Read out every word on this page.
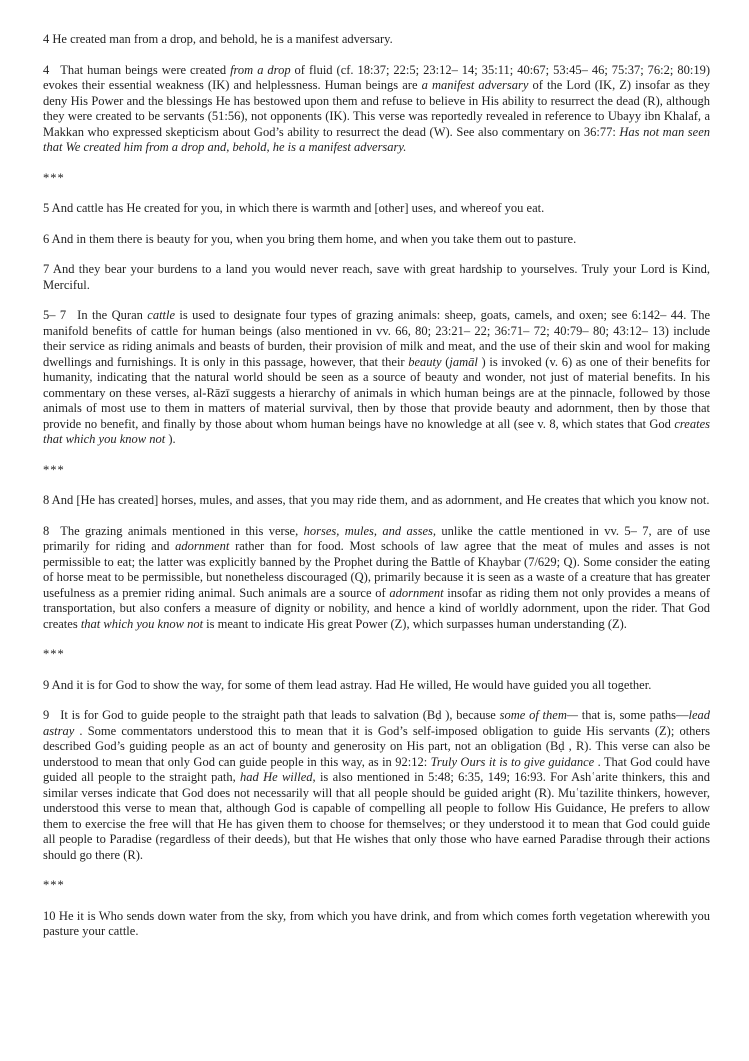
4 He created man from a drop, and behold, he is a manifest adversary.

4 That human beings were created from a drop of fluid (cf. 18:37; 22:5; 23:12– 14; 35:11; 40:67; 53:45– 46; 75:37; 76:2; 80:19) evokes their essential weakness (IK) and helplessness. Human beings are a manifest adversary of the Lord (IK, Z) insofar as they deny His Power and the blessings He has bestowed upon them and refuse to believe in His ability to resurrect the dead (R), although they were created to be servants (51:56), not opponents (IK). This verse was reportedly revealed in reference to Ubayy ibn Khalaf, a Makkan who expressed skepticism about God’s ability to resurrect the dead (W). See also commentary on 36:77: Has not man seen that We created him from a drop and, behold, he is a manifest adversary.

***

5 And cattle has He created for you, in which there is warmth and [other] uses, and whereof you eat.

6 And in them there is beauty for you, when you bring them home, and when you take them out to pasture.

7 And they bear your burdens to a land you would never reach, save with great hardship to yourselves. Truly your Lord is Kind, Merciful.

5– 7 In the Quran cattle is used to designate four types of grazing animals: sheep, goats, camels, and oxen; see 6:142– 44. The manifold benefits of cattle for human beings (also mentioned in vv. 66, 80; 23:21– 22; 36:71– 72; 40:79– 80; 43:12– 13) include their service as riding animals and beasts of burden, their provision of milk and meat, and the use of their skin and wool for making dwellings and furnishings. It is only in this passage, however, that their beauty (jamāl ) is invoked (v. 6) as one of their benefits for humanity, indicating that the natural world should be seen as a source of beauty and wonder, not just of material benefits. In his commentary on these verses, al-Rāzī suggests a hierarchy of animals in which human beings are at the pinnacle, followed by those animals of most use to them in matters of material survival, then by those that provide beauty and adornment, then by those that provide no benefit, and finally by those about whom human beings have no knowledge at all (see v. 8, which states that God creates that which you know not ).

***

8 And [He has created] horses, mules, and asses, that you may ride them, and as adornment, and He creates that which you know not.

8 The grazing animals mentioned in this verse, horses, mules, and asses, unlike the cattle mentioned in vv. 5– 7, are of use primarily for riding and adornment rather than for food. Most schools of law agree that the meat of mules and asses is not permissible to eat; the latter was explicitly banned by the Prophet during the Battle of Khaybar (7/629; Q). Some consider the eating of horse meat to be permissible, but nonetheless discouraged (Q), primarily because it is seen as a waste of a creature that has greater usefulness as a premier riding animal. Such animals are a source of adornment insofar as riding them not only provides a means of transportation, but also confers a measure of dignity or nobility, and hence a kind of worldly adornment, upon the rider. That God creates that which you know not is meant to indicate His great Power (Z), which surpasses human understanding (Z).

***

9 And it is for God to show the way, for some of them lead astray. Had He willed, He would have guided you all together.

9 It is for God to guide people to the straight path that leads to salvation (Bḍ ), because some of them— that is, some paths—lead astray . Some commentators understood this to mean that it is God’s self-imposed obligation to guide His servants (Z); others described God’s guiding people as an act of bounty and generosity on His part, not an obligation (Bḍ , R). This verse can also be understood to mean that only God can guide people in this way, as in 92:12: Truly Ours it is to give guidance . That God could have guided all people to the straight path, had He willed, is also mentioned in 5:48; 6:35, 149; 16:93. For Ashʿarite thinkers, this and similar verses indicate that God does not necessarily will that all people should be guided aright (R). Muʿtazilite thinkers, however, understood this verse to mean that, although God is capable of compelling all people to follow His Guidance, He prefers to allow them to exercise the free will that He has given them to choose for themselves; or they understood it to mean that God could guide all people to Paradise (regardless of their deeds), but that He wishes that only those who have earned Paradise through their actions should go there (R).

***

10 He it is Who sends down water from the sky, from which you have drink, and from which comes forth vegetation wherewith you pasture your cattle.
